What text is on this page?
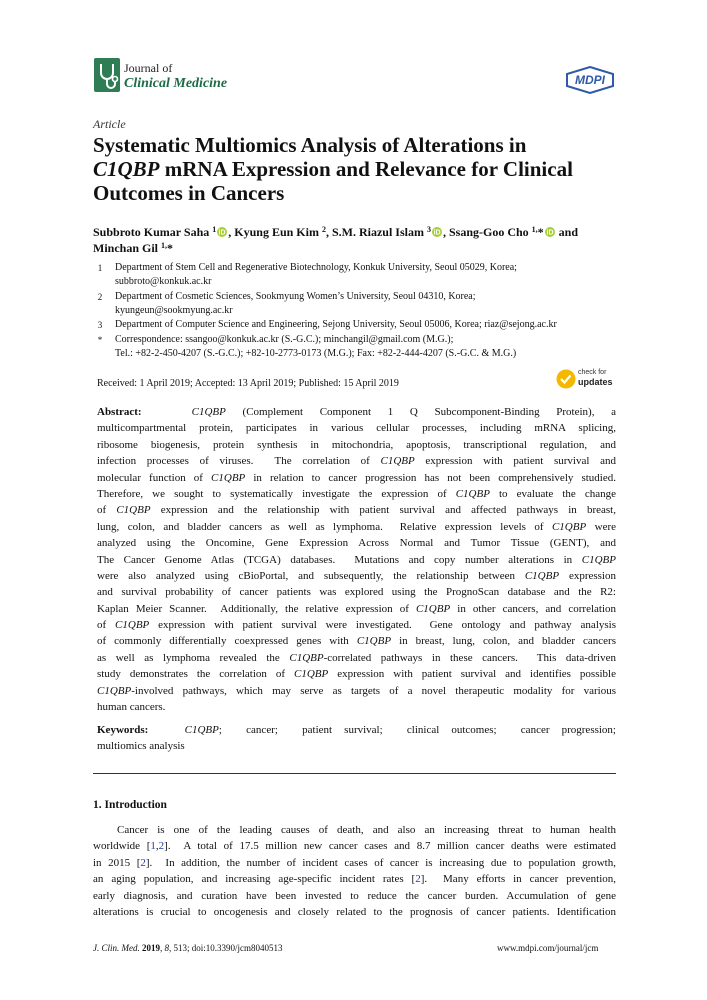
Journal of
Clinical Medicine	MDPI
Article
Systematic Multiomics Analysis of Alterations in
C1QBP mRNA Expression and Relevance for Clinical
Outcomes in Cancers
Subbroto Kumar Saha $^1$ iD , Kyung Eun Kim $^2$, S.M. Riazul Islam $^3$ iD , Ssang-Goo Cho $^{1,}$* iD and
Minchan Gil $^{1,}$*
1	Department of Stem Cell and Regenerative Biotechnology, Konkuk University, Seoul 05029, Korea;
subbroto@konkuk.ac.kr
2	Department of Cosmetic Sciences, Sookmyung Women’s University, Seoul 04310, Korea;
kyungeun@sookmyung.ac.kr
3	Department of Computer Science and Engineering, Sejong University, Seoul 05006, Korea; riaz@sejong.ac.kr
*	Correspondence: ssangoo@konkuk.ac.kr (S.-G.C.); minchangil@gmail.com (M.G.);
Tel.: +82-2-450-4207 (S.-G.C.); +82-10-2773-0173 (M.G.); Fax: +82-2-444-4207 (S.-G.C. & M.G.)
Received: 1 April 2019; Accepted: 13 April 2019; Published: 15 April 2019
check for
updates
Abstract:	C1QBP (Complement Component 1 Q Subcomponent-Binding Protein), a
multicompartmental protein, participates in various cellular processes, including mRNA splicing,
ribosome biogenesis, protein synthesis in mitochondria, apoptosis, transcriptional regulation, and
infection processes of viruses.  The correlation of C1QBP expression with patient survival and
molecular function of C1QBP in relation to cancer progression has not been comprehensively studied.
Therefore, we sought to systematically investigate the expression of C1QBP to evaluate the change
of C1QBP expression and the relationship with patient survival and affected pathways in breast,
lung, colon, and bladder cancers as well as lymphoma.  Relative expression levels of C1QBP were
analyzed using the Oncomine, Gene Expression Across Normal and Tumor Tissue (GENT), and
The Cancer Genome Atlas (TCGA) databases.  Mutations and copy number alterations in C1QBP
were also analyzed using cBioPortal, and subsequently, the relationship between C1QBP expression
and survival probability of cancer patients was explored using the PrognoScan database and the R2:
Kaplan Meier Scanner.  Additionally, the relative expression of C1QBP in other cancers, and correlation
of C1QBP expression with patient survival were investigated.  Gene ontology and pathway analysis
of commonly differentially coexpressed genes with C1QBP in breast, lung, colon, and bladder cancers
as well as lymphoma revealed the C1QBP-correlated pathways in these cancers.  This data-driven
study demonstrates the correlation of C1QBP expression with patient survival and identifies possible
C1QBP-involved pathways, which may serve as targets of a novel therapeutic modality for various
human cancers.
Keywords:	C1QBP;  cancer;  patient survival;  clinical outcomes;  cancer progression;
multiomics analysis
1. Introduction
Cancer is one of the leading causes of death, and also an increasing threat to human health
worldwide [1,2].  A total of 17.5 million new cancer cases and 8.7 million cancer deaths were estimated
in 2015 [2].  In addition, the number of incident cases of cancer is increasing due to population growth,
an aging population, and increasing age-specific incident rates [2].  Many efforts in cancer prevention,
early diagnosis, and curation have been invested to reduce the cancer burden. Accumulation of gene
alterations is crucial to oncogenesis and closely related to the prognosis of cancer patients. Identification
J. Clin. Med. 2019, 8, 513; doi:10.3390/jcm8040513	www.mdpi.com/journal/jcm
